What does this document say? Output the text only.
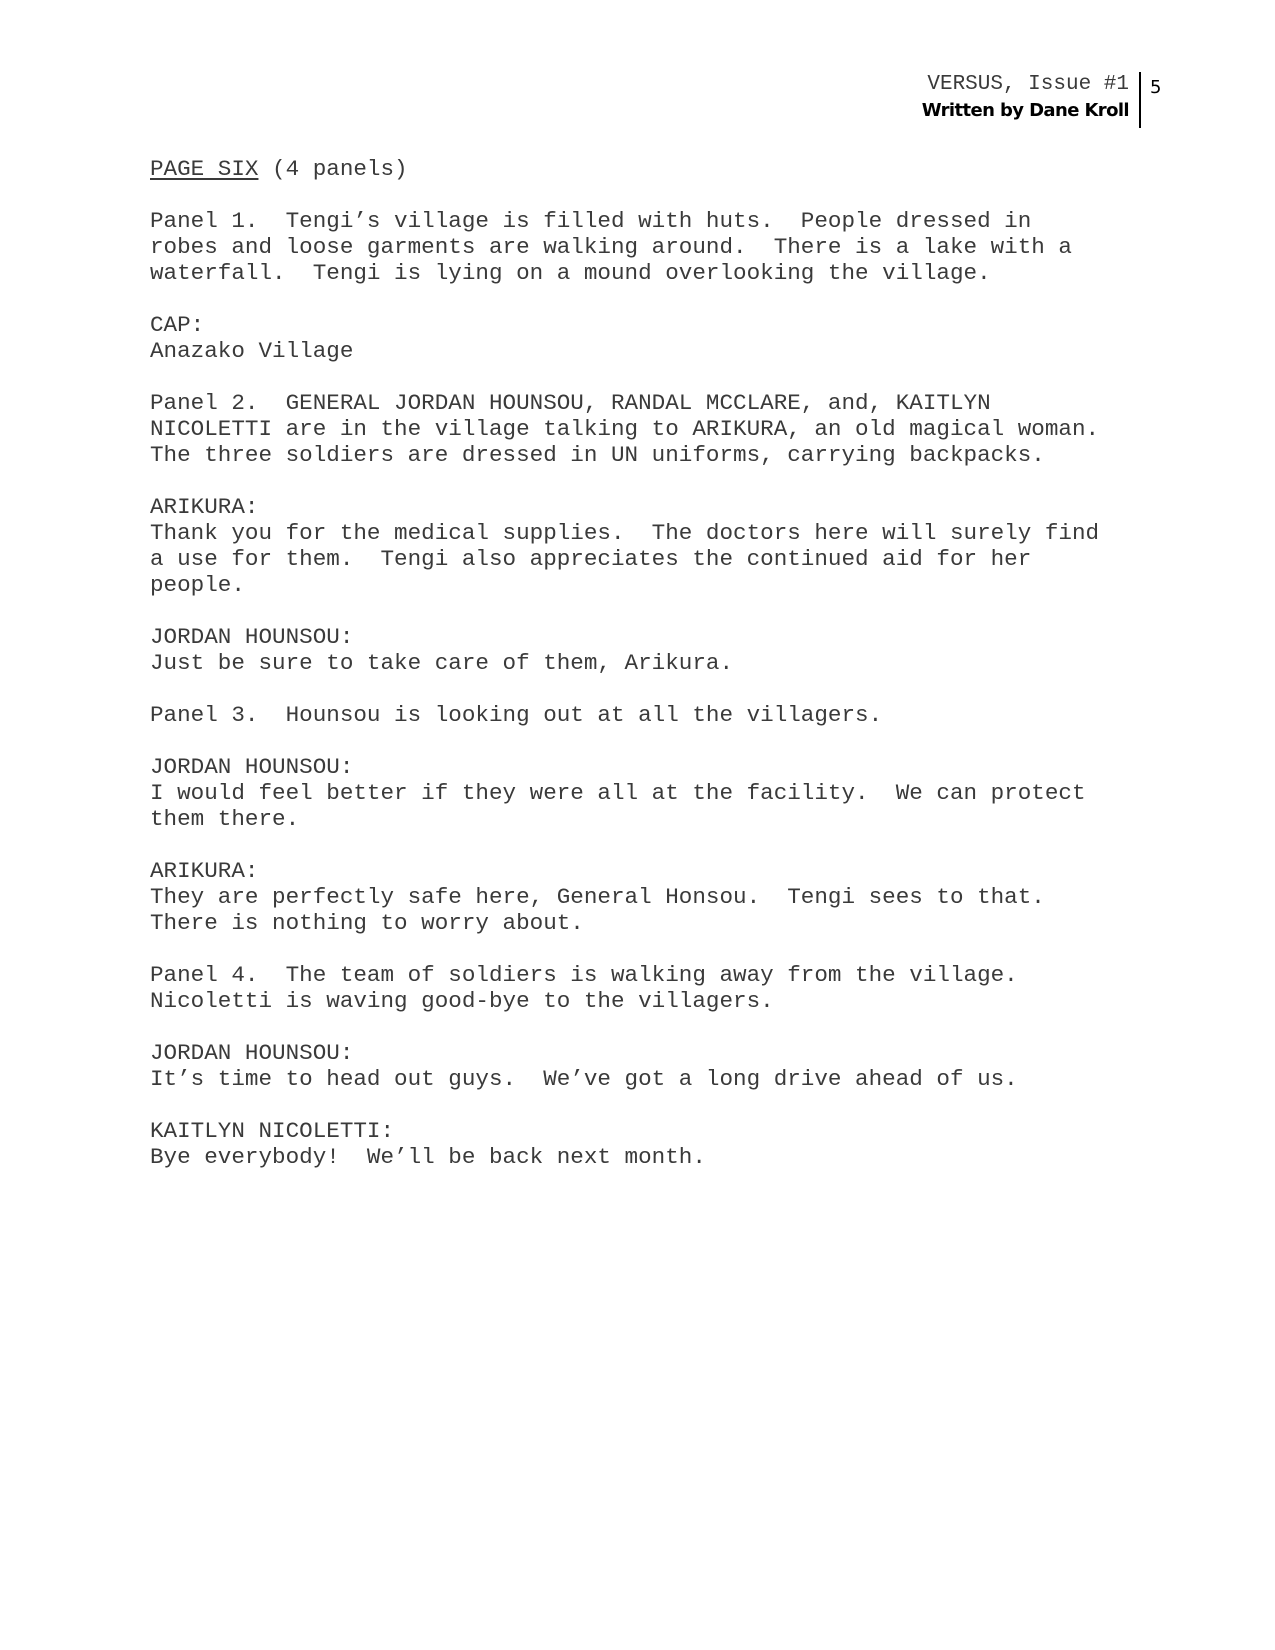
VERSUS, Issue #1
Written by Dane Kroll
5
PAGE SIX (4 panels)
Panel 1.  Tengi’s village is filled with huts.  People dressed in
robes and loose garments are walking around.  There is a lake with a
waterfall.  Tengi is lying on a mound overlooking the village.
CAP:
Anazako Village
Panel 2.  GENERAL JORDAN HOUNSOU, RANDAL MCCLARE, and, KAITLYN
NICOLETTI are in the village talking to ARIKURA, an old magical woman.
The three soldiers are dressed in UN uniforms, carrying backpacks.
ARIKURA:
Thank you for the medical supplies.  The doctors here will surely find
a use for them.  Tengi also appreciates the continued aid for her
people.
JORDAN HOUNSOU:
Just be sure to take care of them, Arikura.
Panel 3.  Hounsou is looking out at all the villagers.
JORDAN HOUNSOU:
I would feel better if they were all at the facility.  We can protect
them there.
ARIKURA:
They are perfectly safe here, General Honsou.  Tengi sees to that.
There is nothing to worry about.
Panel 4.  The team of soldiers is walking away from the village.
Nicoletti is waving good-bye to the villagers.
JORDAN HOUNSOU:
It’s time to head out guys.  We’ve got a long drive ahead of us.
KAITLYN NICOLETTI:
Bye everybody!  We’ll be back next month.
